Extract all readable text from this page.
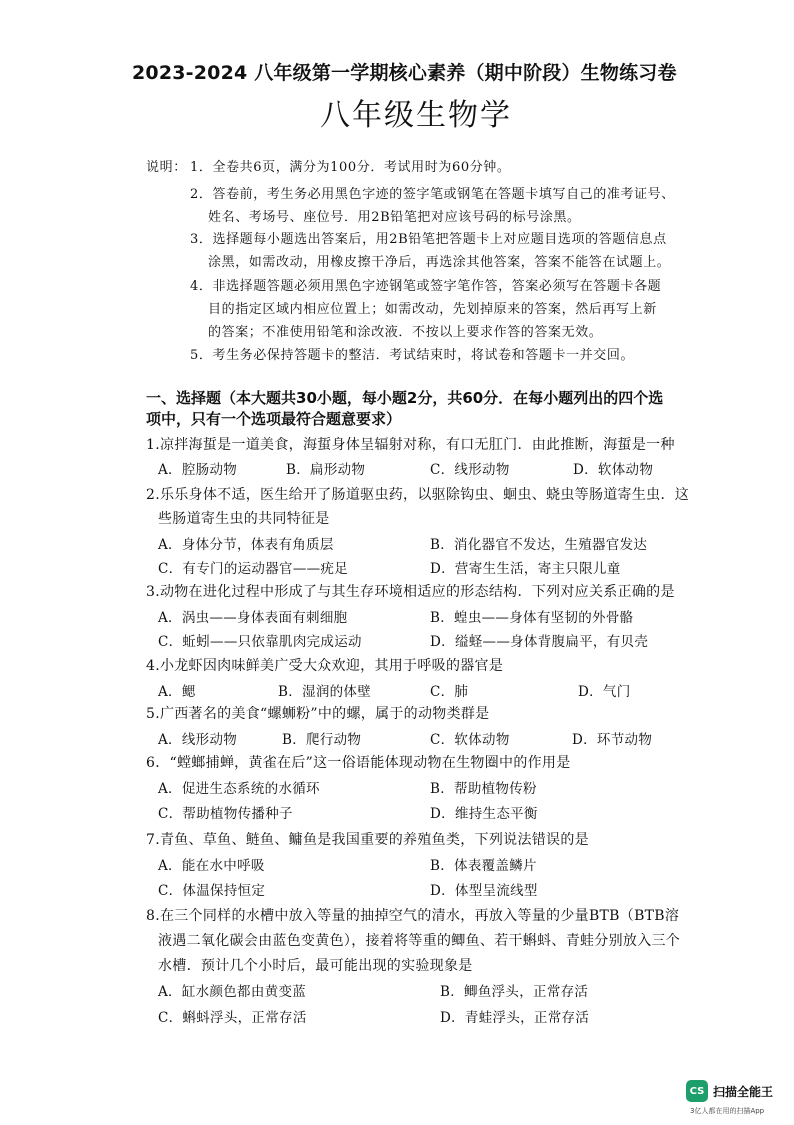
2023-2024 八年级第一学期核心素养（期中阶段）生物练习卷
八年级生物学
说明： 1．全卷共6页，满分为100分．考试用时为60分钟。
2．答卷前，考生务必用黑色字迹的签字笔或钢笔在答题卡填写自己的准考证号、
姓名、考场号、座位号．用2B铅笔把对应该号码的标号涂黑。
3．选择题每小题选出答案后，用2B铅笔把答题卡上对应题目选项的答题信息点
涂黑，如需改动，用橡皮擦干净后，再选涂其他答案，答案不能答在试题上。
4．非选择题答题必须用黑色字迹钢笔或签字笔作答，答案必须写在答题卡各题
目的指定区域内相应位置上；如需改动，先划掉原来的答案，然后再写上新
的答案；不准使用铅笔和涂改液．不按以上要求作答的答案无效。
5．考生务必保持答题卡的整洁．考试结束时，将试卷和答题卡一并交回。
一、选择题（本大题共30小题，每小题2分，共60分．在每小题列出的四个选项中，只有一个选项最符合题意要求）
1.凉拌海蜇是一道美食，海蜇身体呈辐射对称，有口无肛门．由此推断，海蜇是一种
A．腔肠动物	B．扁形动物	C．线形动物	D．软体动物
2.乐乐身体不适，医生给开了肠道驱虫药，以驱除钩虫、蛔虫、蛲虫等肠道寄生虫．这
些肠道寄生虫的共同特征是
A．身体分节，体表有角质层	B．消化器官不发达，生殖器官发达
C．有专门的运动器官——疣足	D．营寄生生活，寄主只限儿童
3.动物在进化过程中形成了与其生存环境相适应的形态结构．下列对应关系正确的是
A．涡虫——身体表面有刺细胞	B．蝗虫——身体有坚韧的外骨骼
C．蚯蚓——只依靠肌肉完成运动	D．缢蛏——身体背腹扁平，有贝壳
4.小龙虾因肉味鲜美广受大众欢迎，其用于呼吸的器官是
A．鳃	B．湿润的体壁	C．肺	D．气门
5.广西著名的美食“螺蛳粉”中的螺，属于的动物类群是
A．线形动物	B．爬行动物	C．软体动物	D．环节动物
6．“螳螂捕蝉，黄雀在后”这一俗语能体现动物在生物圈中的作用是
A．促进生态系统的水循环	B．帮助植物传粉
C．帮助植物传播种子	D．维持生态平衡
7.青鱼、草鱼、鲢鱼、鳙鱼是我国重要的养殖鱼类，下列说法错误的是
A．能在水中呼吸	B．体表覆盖鳞片
C．体温保持恒定	D．体型呈流线型
8.在三个同样的水槽中放入等量的抽掉空气的清水，再放入等量的少量BTB（BTB溶
液遇二氧化碳会由蓝色变黄色），接着将等重的鲫鱼、若干蝌蚪、青蛙分别放入三个
水槽．预计几个小时后，最可能出现的实验现象是
A．缸水颜色都由黄变蓝	B．鲫鱼浮头，正常存活
C．蝌蚪浮头，正常存活	D．青蛙浮头，正常存活
CS 扫描全能王
3亿人都在用的扫描App
